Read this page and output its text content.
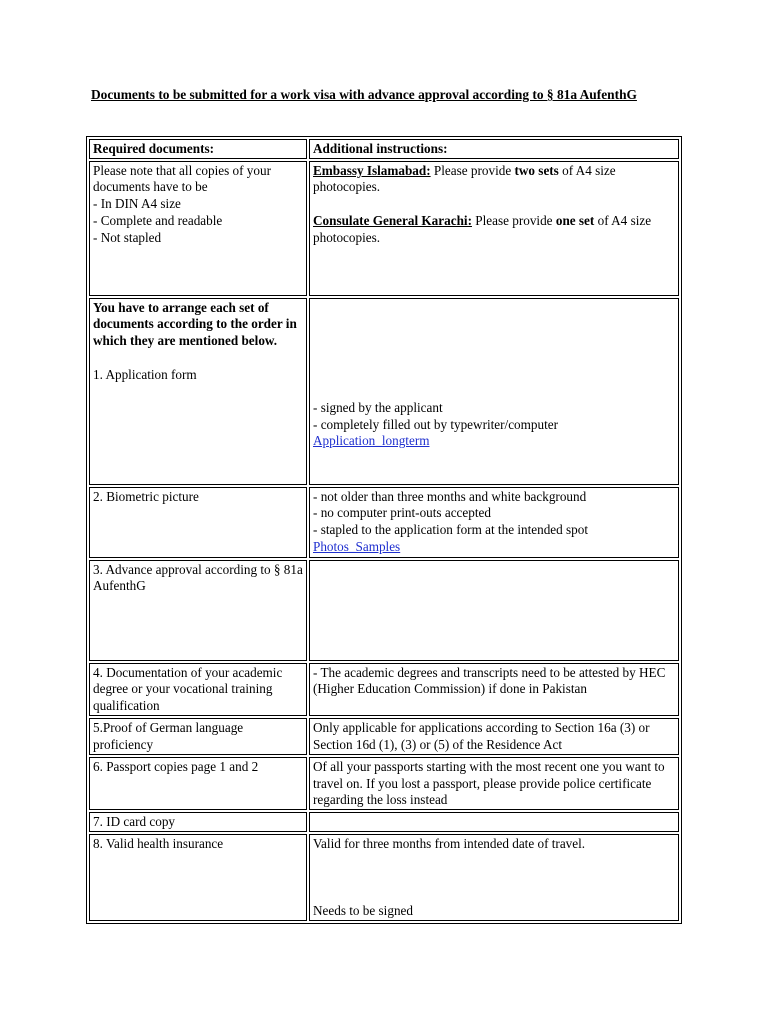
Documents to be submitted for a work visa with advance approval according to § 81a AufenthG

Required documents:	Additional instructions:

Please note that all copies of your documents have to be
- In DIN A4 size
- Complete and readable
- Not stapled	Embassy Islamabad: Please provide two sets of A4 size photocopies.
Consulate General Karachi: Please provide one set of A4 size photocopies.

You have to arrange each set of documents according to the order in which they are mentioned below.
1. Application form	- signed by the applicant
- completely filled out by typewriter/computer
Application_longterm

2. Biometric picture	- not older than three months and white background
- no computer print-outs accepted
- stapled to the application form at the intended spot
Photos_Samples

3. Advance approval according to § 81a AufenthG	
4. Documentation of your academic degree or your vocational training qualification	- The academic degrees and transcripts need to be attested by HEC (Higher Education Commission) if done in Pakistan
5.Proof of German language proficiency	Only applicable for applications according to Section 16a (3) or Section 16d (1), (3) or (5) of the Residence Act
6. Passport copies page 1 and 2	Of all your passports starting with the most recent one you want to travel on. If you lost a passport, please provide police certificate regarding the loss instead
7. ID card copy	
8. Valid health insurance	Valid for three months from intended date of travel.
Needs to be signed
